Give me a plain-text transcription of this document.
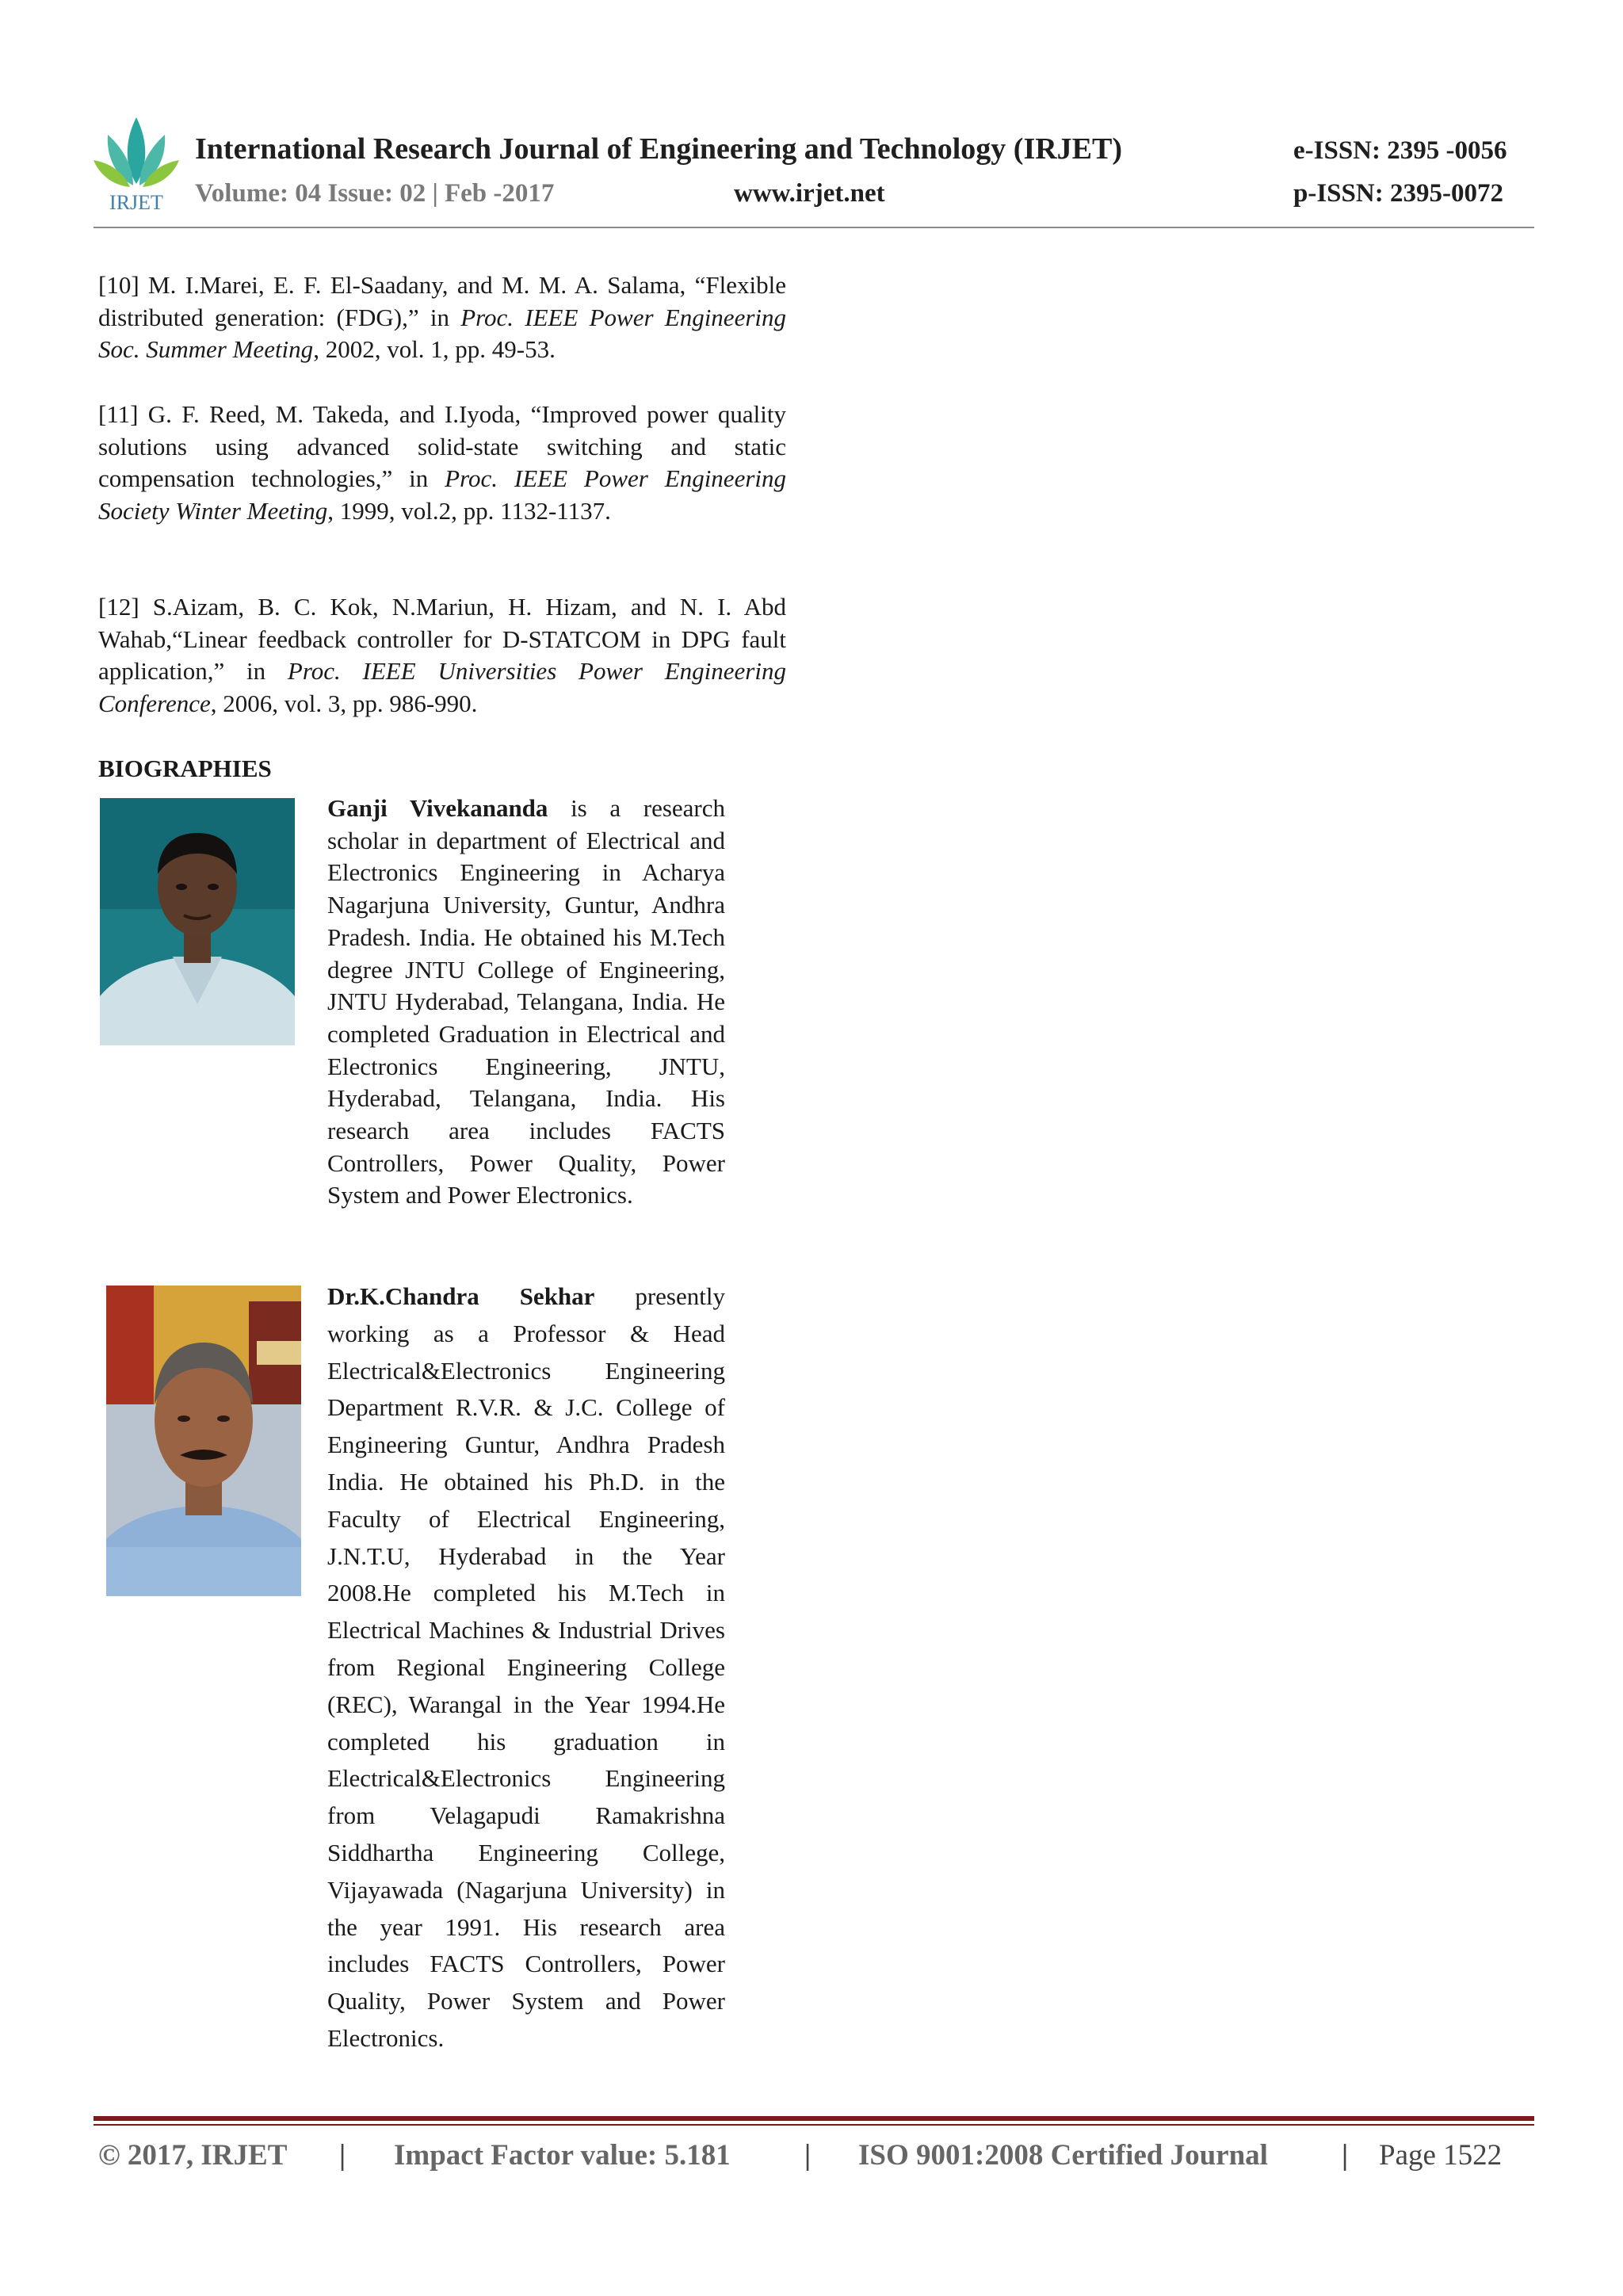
IRJET
International Research Journal of Engineering and Technology (IRJET)	e-ISSN: 2395 -0056
Volume: 04 Issue: 02 | Feb -2017	www.irjet.net	p-ISSN: 2395-0072
[10] M. I.Marei, E. F. El-Saadany, and M. M. A. Salama, “Flexible distributed generation: (FDG),” in Proc. IEEE Power Engineering Soc. Summer Meeting, 2002, vol. 1, pp. 49-53.
[11] G. F. Reed, M. Takeda, and I.Iyoda, “Improved power quality solutions using advanced solid-state switching and static compensation technologies,” in Proc. IEEE Power Engineering Society Winter Meeting, 1999, vol.2, pp. 1132-1137.
[12] S.Aizam, B. C. Kok, N.Mariun, H. Hizam, and N. I. Abd Wahab,“Linear feedback controller for D-STATCOM in DPG fault application,” in Proc. IEEE Universities Power Engineering Conference, 2006, vol. 3, pp. 986-990.
BIOGRAPHIES
Ganji Vivekananda is a research scholar in department of Electrical and Electronics Engineering in Acharya Nagarjuna University, Guntur, Andhra Pradesh. India. He obtained his M.Tech degree JNTU College of Engineering, JNTU Hyderabad, Telangana, India. He completed Graduation in Electrical and Electronics Engineering, JNTU, Hyderabad, Telangana, India. His research area includes FACTS Controllers, Power Quality, Power System and Power Electronics.
Dr.K.Chandra Sekhar presently working as a Professor & Head Electrical&Electronics Engineering Department R.V.R. & J.C. College of Engineering Guntur, Andhra Pradesh India. He obtained his Ph.D. in the Faculty of Electrical Engineering, J.N.T.U, Hyderabad in the Year 2008.He completed his M.Tech in Electrical Machines & Industrial Drives from Regional Engineering College (REC), Warangal in the Year 1994.He completed his graduation in Electrical&Electronics Engineering from Velagapudi Ramakrishna Siddhartha Engineering College, Vijayawada (Nagarjuna University) in the year 1991. His research area includes FACTS Controllers, Power Quality, Power System and Power Electronics.
© 2017, IRJET | Impact Factor value: 5.181	| ISO 9001:2008 Certified Journal	| Page 1522
